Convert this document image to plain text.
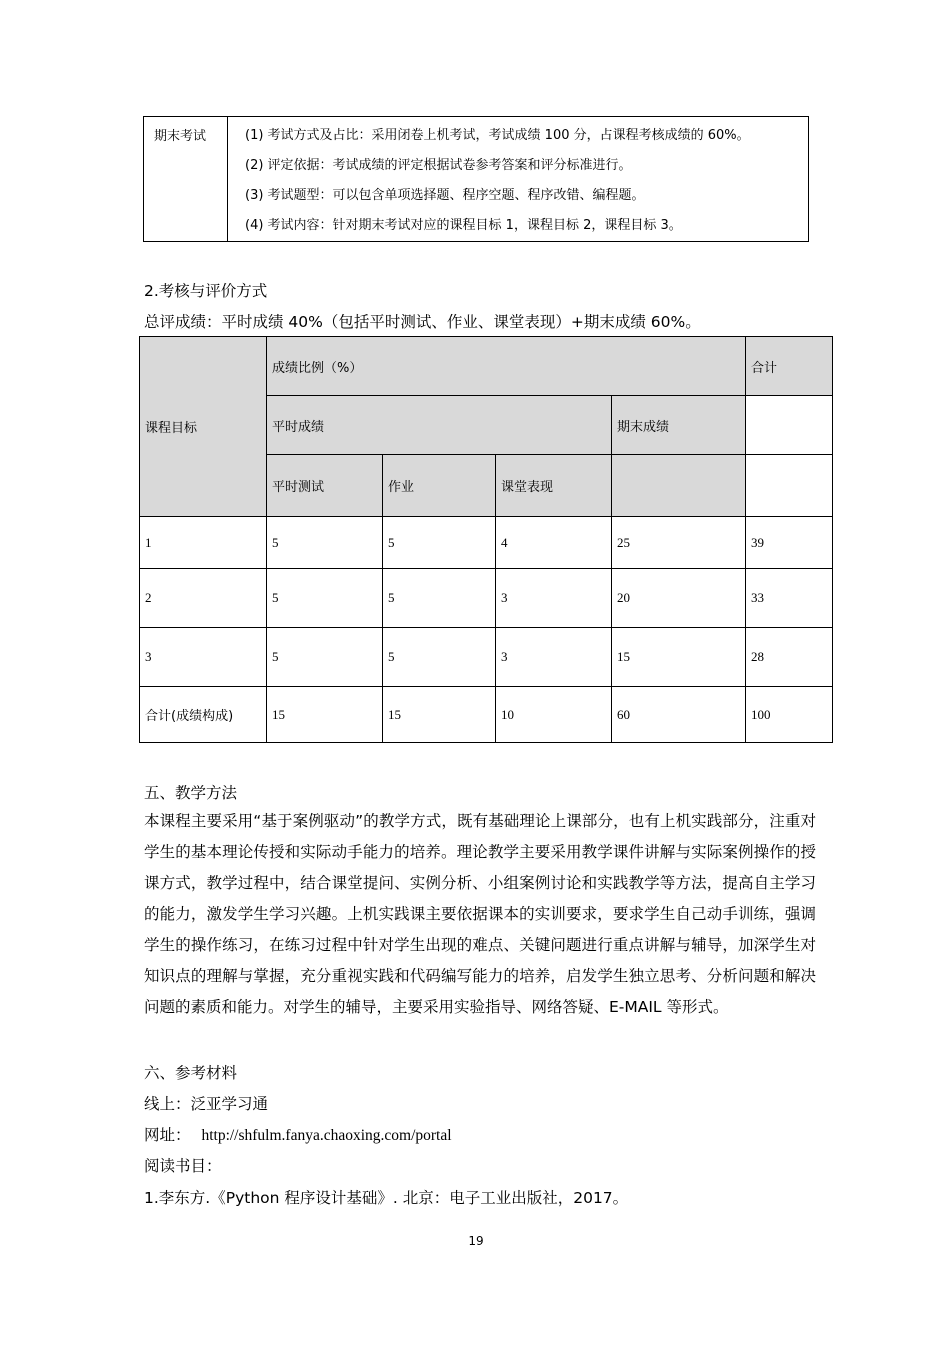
期末考试	(1) 考试方式及占比：采用闭卷上机考试，考试成绩 100 分，占课程考核成绩的 60%。
(2) 评定依据：考试成绩的评定根据试卷参考答案和评分标准进行。
(3) 考试题型：可以包含单项选择题、程序空题、程序改错、编程题。
(4) 考试内容：针对期末考试对应的课程目标 1，课程目标 2，课程目标 3。
2.考核与评价方式
总评成绩：平时成绩 40%（包括平时测试、作业、课堂表现）+期末成绩 60%。
课程目标	成绩比例（%）				合计
	平时成绩			期末成绩	
	平时测试	作业	课堂表现		
1	5	5	4	25	39
2	5	5	3	20	33
3	5	5	3	15	28
合计(成绩构成)	15	15	10	60	100
五、教学方法
本课程主要采用“基于案例驱动”的教学方式，既有基础理论上课部分，也有上机实践部分，注重对学生的基本理论传授和实际动手能力的培养。理论教学主要采用教学课件讲解与实际案例操作的授课方式，教学过程中，结合课堂提问、实例分析、小组案例讨论和实践教学等方法，提高自主学习的能力，激发学生学习兴趣。上机实践课主要依据课本的实训要求，要求学生自己动手训练，强调学生的操作练习，在练习过程中针对学生出现的难点、关键问题进行重点讲解与辅导，加深学生对知识点的理解与掌握，充分重视实践和代码编写能力的培养，启发学生独立思考、分析问题和解决问题的素质和能力。对学生的辅导，主要采用实验指导、网络答疑、E-MAIL 等形式。
六、参考材料
线上：泛亚学习通
网址： http://shfulm.fanya.chaoxing.com/portal
阅读书目：
1.李东方.《Python 程序设计基础》. 北京：电子工业出版社，2017。
19
